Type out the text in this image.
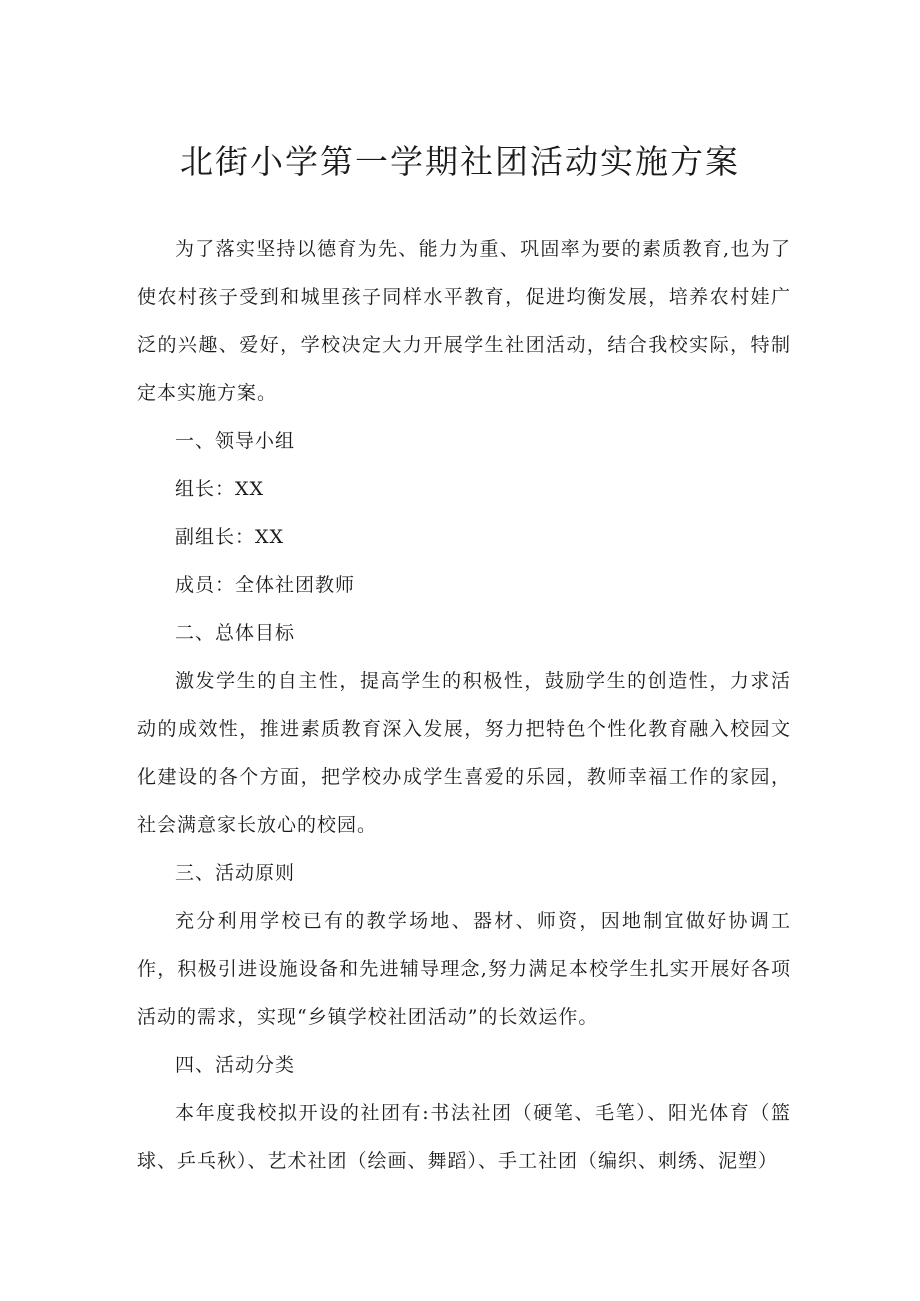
北街小学第一学期社团活动实施方案

为了落实坚持以德育为先、能力为重、巩固率为要的素质教育,也为了使农村孩子受到和城里孩子同样水平教育，促进均衡发展，培养农村娃广泛的兴趣、爱好，学校决定大力开展学生社团活动，结合我校实际，特制定本实施方案。

一、领导小组

组长：XX

副组长：XX

成员：全体社团教师

二、总体目标

激发学生的自主性，提高学生的积极性，鼓励学生的创造性，力求活动的成效性，推进素质教育深入发展，努力把特色个性化教育融入校园文化建设的各个方面，把学校办成学生喜爱的乐园，教师幸福工作的家园，社会满意家长放心的校园。

三、活动原则

充分利用学校已有的教学场地、器材、师资，因地制宜做好协调工作，积极引进设施设备和先进辅导理念,努力满足本校学生扎实开展好各项活动的需求，实现“乡镇学校社团活动”的长效运作。

四、活动分类

本年度我校拟开设的社团有:书法社团（硬笔、毛笔）、阳光体育（篮球、乒乓秋）、艺术社团（绘画、舞蹈）、手工社团（编织、刺绣、泥塑）
